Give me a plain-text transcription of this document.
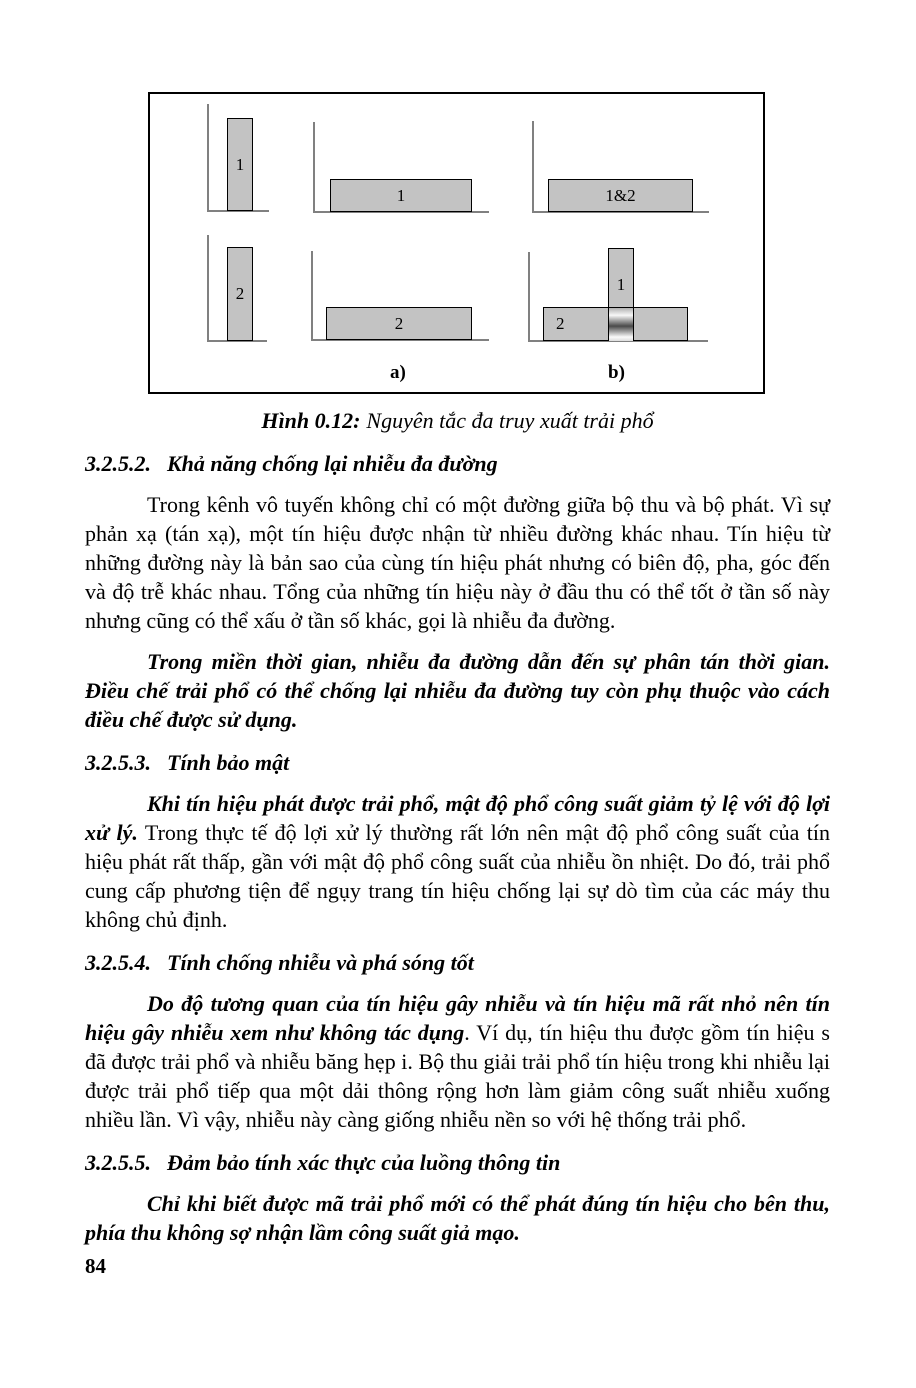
1
1	1&2
2
2	2
1
a)	b)
Hình 0.12: Nguyên tắc đa truy xuất trải phổ
3.2.5.2. Khả năng chống lại nhiễu đa đường

Trong kênh vô tuyến không chỉ có một đường giữa bộ thu và bộ phát. Vì sự phản xạ (tán xạ), một tín hiệu được nhận từ nhiều đường khác nhau. Tín hiệu từ những đường này là bản sao của cùng tín hiệu phát nhưng có biên độ, pha, góc đến và độ trễ khác nhau. Tổng của những tín hiệu này ở đầu thu có thể tốt ở tần số này nhưng cũng có thể xấu ở tần số khác, gọi là nhiễu đa đường.

Trong miền thời gian, nhiễu đa đường dẫn đến sự phân tán thời gian. Điều chế trải phổ có thể chống lại nhiễu đa đường tuy còn phụ thuộc vào cách điều chế được sử dụng.

3.2.5.3. Tính bảo mật

Khi tín hiệu phát được trải phổ, mật độ phổ công suất giảm tỷ lệ với độ lợi xử lý. Trong thực tế độ lợi xử lý thường rất lớn nên mật độ phổ công suất của tín hiệu phát rất thấp, gần với mật độ phổ công suất của nhiễu ồn nhiệt. Do đó, trải phổ cung cấp phương tiện để ngụy trang tín hiệu chống lại sự dò tìm của các máy thu không chủ định.

3.2.5.4. Tính chống nhiễu và phá sóng tốt

Do độ tương quan của tín hiệu gây nhiễu và tín hiệu mã rất nhỏ nên tín hiệu gây nhiễu xem như không tác dụng. Ví dụ, tín hiệu thu được gồm tín hiệu s đã được trải phổ và nhiễu băng hẹp i. Bộ thu giải trải phổ tín hiệu trong khi nhiễu lại được trải phổ tiếp qua một dải thông rộng hơn làm giảm công suất nhiễu xuống nhiều lần. Vì vậy, nhiễu này càng giống nhiễu nền so với hệ thống trải phổ.

3.2.5.5. Đảm bảo tính xác thực của luồng thông tin

Chỉ khi biết được mã trải phổ mới có thể phát đúng tín hiệu cho bên thu, phía thu không sợ nhận lầm công suất giả mạo.

84
